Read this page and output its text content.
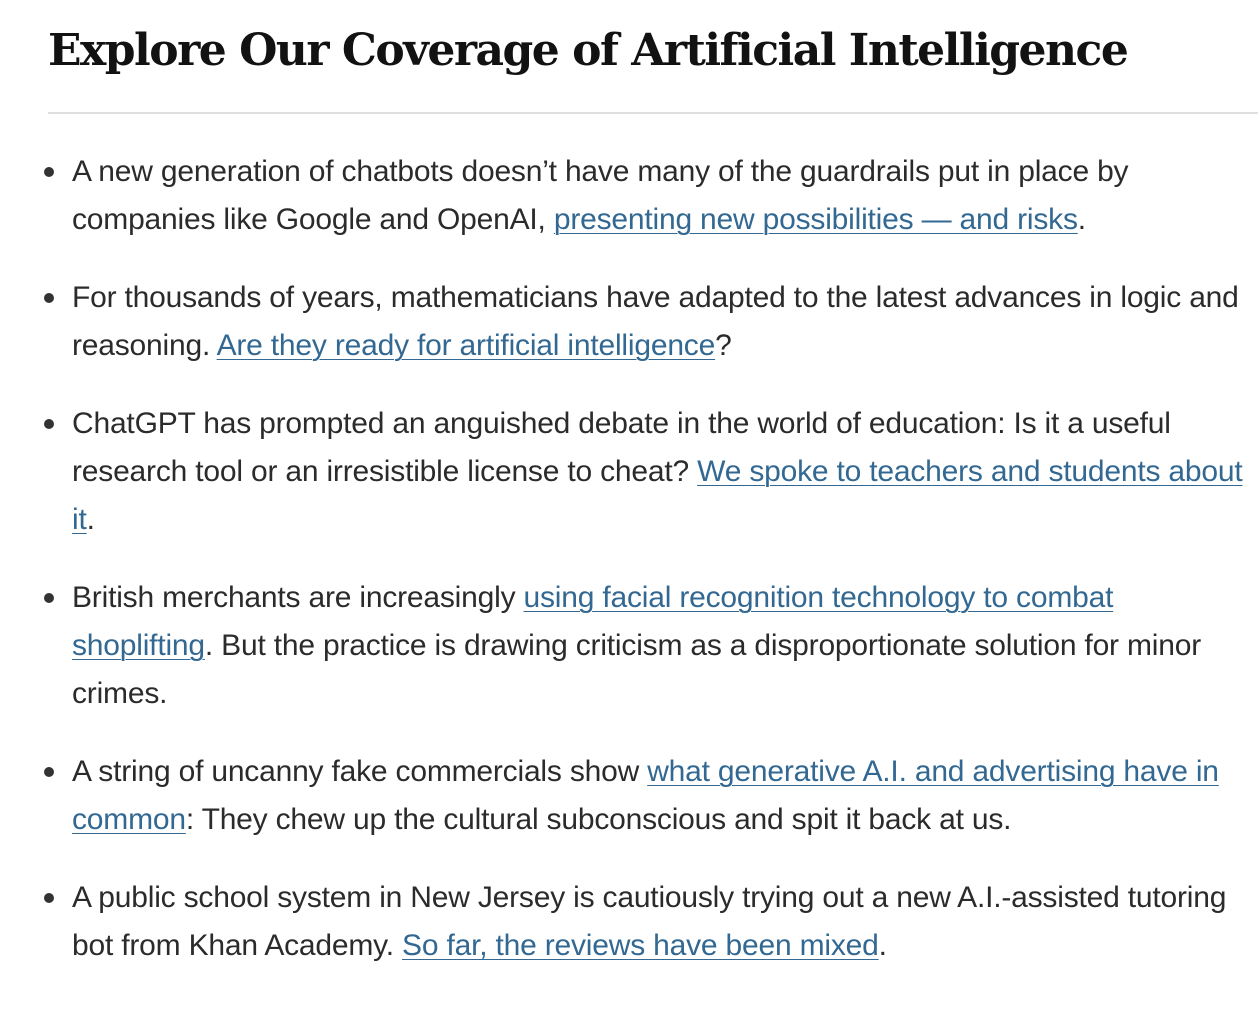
Explore Our Coverage of Artificial Intelligence
A new generation of chatbots doesn’t have many of the guardrails put in place by companies like Google and OpenAI, presenting new possibilities — and risks.
For thousands of years, mathematicians have adapted to the latest advances in logic and reasoning. Are they ready for artificial intelligence?
ChatGPT has prompted an anguished debate in the world of education: Is it a useful research tool or an irresistible license to cheat? We spoke to teachers and students about it.
British merchants are increasingly using facial recognition technology to combat shoplifting. But the practice is drawing criticism as a disproportionate solution for minor crimes.
A string of uncanny fake commercials show what generative A.I. and advertising have in common: They chew up the cultural subconscious and spit it back at us.
A public school system in New Jersey is cautiously trying out a new A.I.-assisted tutoring bot from Khan Academy. So far, the reviews have been mixed.
